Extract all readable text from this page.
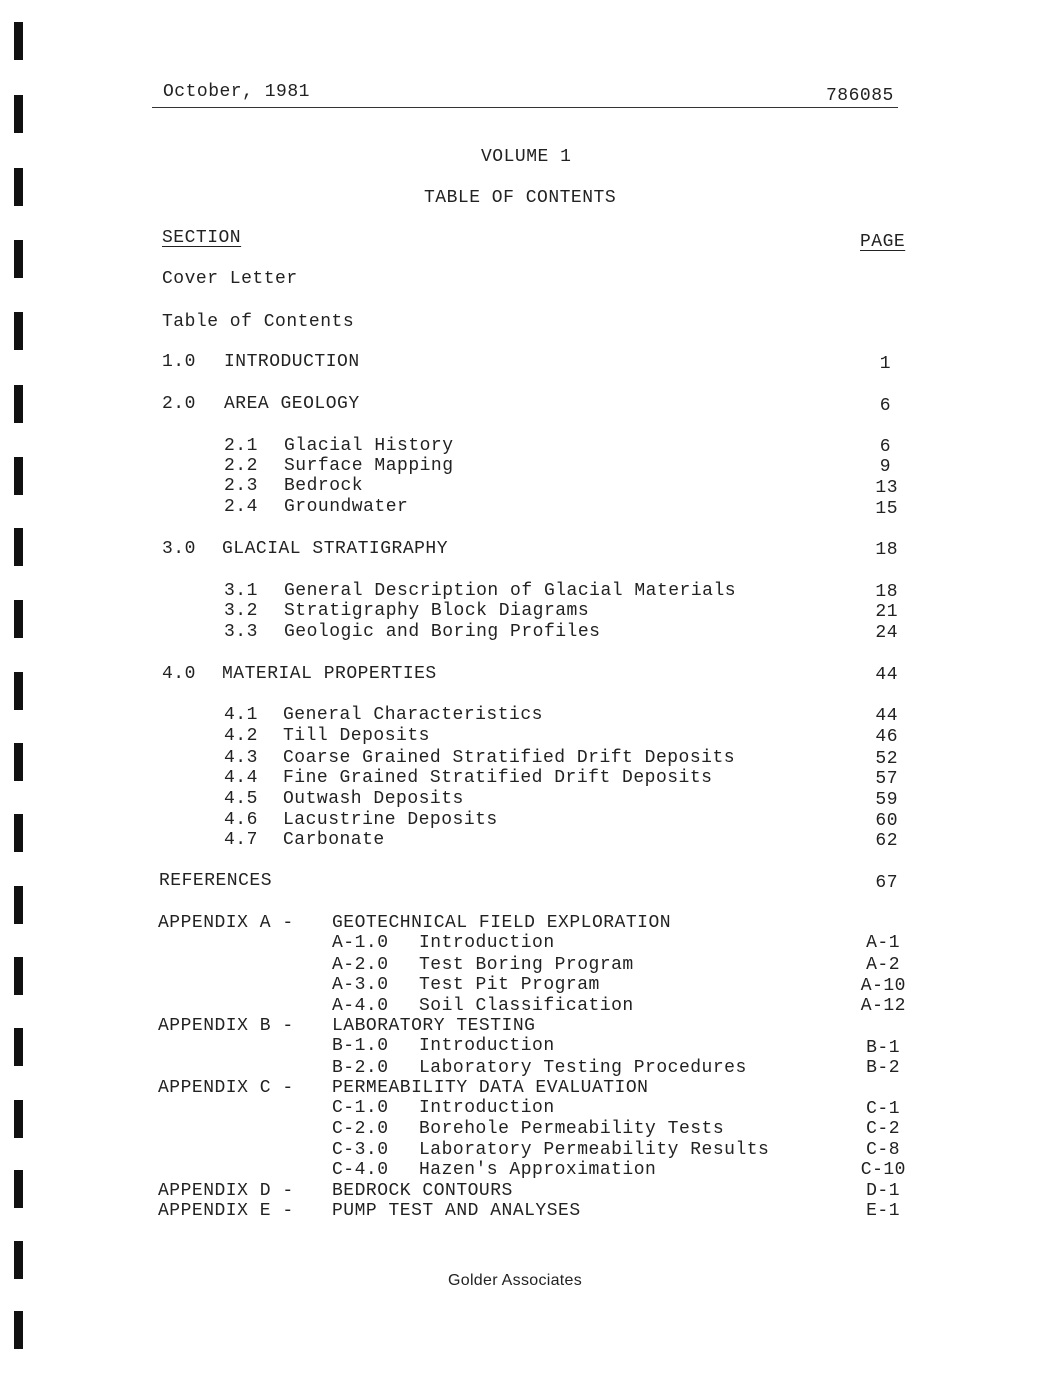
October, 1981	786085
VOLUME 1
TABLE OF CONTENTS
SECTION	PAGE
Cover Letter
Table of Contents
1.0 INTRODUCTION	1
2.0 AREA GEOLOGY	6
2.1 Glacial History	6
2.2 Surface Mapping	9
2.3 Bedrock	13
2.4 Groundwater	15
3.0 GLACIAL STRATIGRAPHY	18
3.1 General Description of Glacial Materials	18
3.2 Stratigraphy Block Diagrams	21
3.3 Geologic and Boring Profiles	24
4.0 MATERIAL PROPERTIES	44
4.1 General Characteristics	44
4.2 Till Deposits	46
4.3 Coarse Grained Stratified Drift Deposits	52
4.4 Fine Grained Stratified Drift Deposits	57
4.5 Outwash Deposits	59
4.6 Lacustrine Deposits	60
4.7 Carbonate	62
REFERENCES	67
APPENDIX A - GEOTECHNICAL FIELD EXPLORATION
A-1.0 Introduction	A-1
A-2.0 Test Boring Program	A-2
A-3.0 Test Pit Program	A-10
A-4.0 Soil Classification	A-12
APPENDIX B - LABORATORY TESTING
B-1.0 Introduction	B-1
B-2.0 Laboratory Testing Procedures	B-2
APPENDIX C - PERMEABILITY DATA EVALUATION
C-1.0 Introduction	C-1
C-2.0 Borehole Permeability Tests	C-2
C-3.0 Laboratory Permeability Results	C-8
C-4.0 Hazen's Approximation	C-10
APPENDIX D - BEDROCK CONTOURS	D-1
APPENDIX E - PUMP TEST AND ANALYSES	E-1
Golder Associates
